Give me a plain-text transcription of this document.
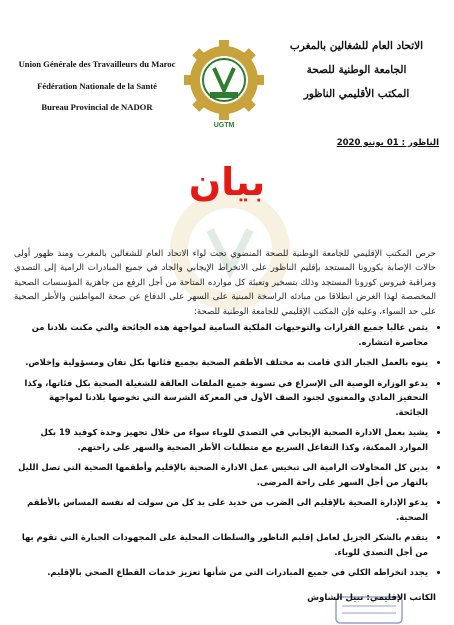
Union Générale des Travailleurs du Maroc
Fédération Nationale de la Santé
Bureau Provincial de NADOR
UGTM
الاتحاد العام للشغالين بالمغرب
الجامعة الوطنية للصحة
المكتب الأقليمي الناظور
الناظور : 01 يونيو 2020
بيان

حرص المكتب الإقليمي للجامعة الوطنية للصحة المنضوي تحت لواء الاتحاد العام للشغالين بالمغرب ومنذ ظهور أولى حالات الإصابة بكورونا المستجد بإقليم الناظور على الانخراط الإيجابي والجاد في جميع المبادرات الرامية إلى التصدي ومراقبة فيروس كورونا المستجد وذلك بتسخير وتعبئة كل موارده المتاحة من أجل الرفع من جاهزية المؤسسات الصحية المخصصة لهذا الغرض انطلاقا من مبادئه الراسخة المبنية على السهر على الدفاع عن صحة المواطنين والأطر الصحية على حد السواء، وعليه فإن المكتب الإقليمي للجامعة الوطنية للصحة:

• يثمن عاليا جميع القرارات والتوجيهات الملكية السامية لمواجهة هذه الجائحة والتي مكنت بلادنا من محاصرة انتشاره.
• ينوه بالعمل الجبار الذي قامت به مختلف الأطقم الصحية بجميع فئاتها بكل تفان ومسؤولية وإخلاص.
• يدعو الوزارة الوصية الى الإسراع في تسوية جميع الملفات العالقة للشغيلة الصحية بكل فئاتها، وكذا التحفيز المادي والمعنوي لجنود الصف الأول في المعركة الشرسة التي تخوضها بلادنا لمواجهة الجائحة.
• يشيد بعمل الادارة الصحية الإيجابي في التصدي للوباء سواء من خلال تجهيز وحدة كوفيد 19 بكل الموارد الممكنة، وكذا التفاعل السريع مع متطلبات الأطر الصحية والسهر على راحتهم.
• يدين كل المحاولات الرامية الى تبخيس عمل الادارة الصحية بالإقليم وأطقمها الصحية التي تصل الليل بالنهار من أجل السهر على راحة المرضى.
• يدعو الإدارة الصحية بالإقليم الى الضرب من حديد على يد كل من سولت له نفسه المساس بالأطقم الصحية.
• يتقدم بالشكر الجزيل لعامل إقليم الناظور والسلطات المحلية على المجهودات الجبارة التي تقوم بها من أجل التصدي للوباء.
• يجدد انخراطه الكلي في جميع المبادرات التي من شأنها تعزيز خدمات القطاع الصحي بالإقليم.
الكاتب الإقليمي: نبيل الشاوش
